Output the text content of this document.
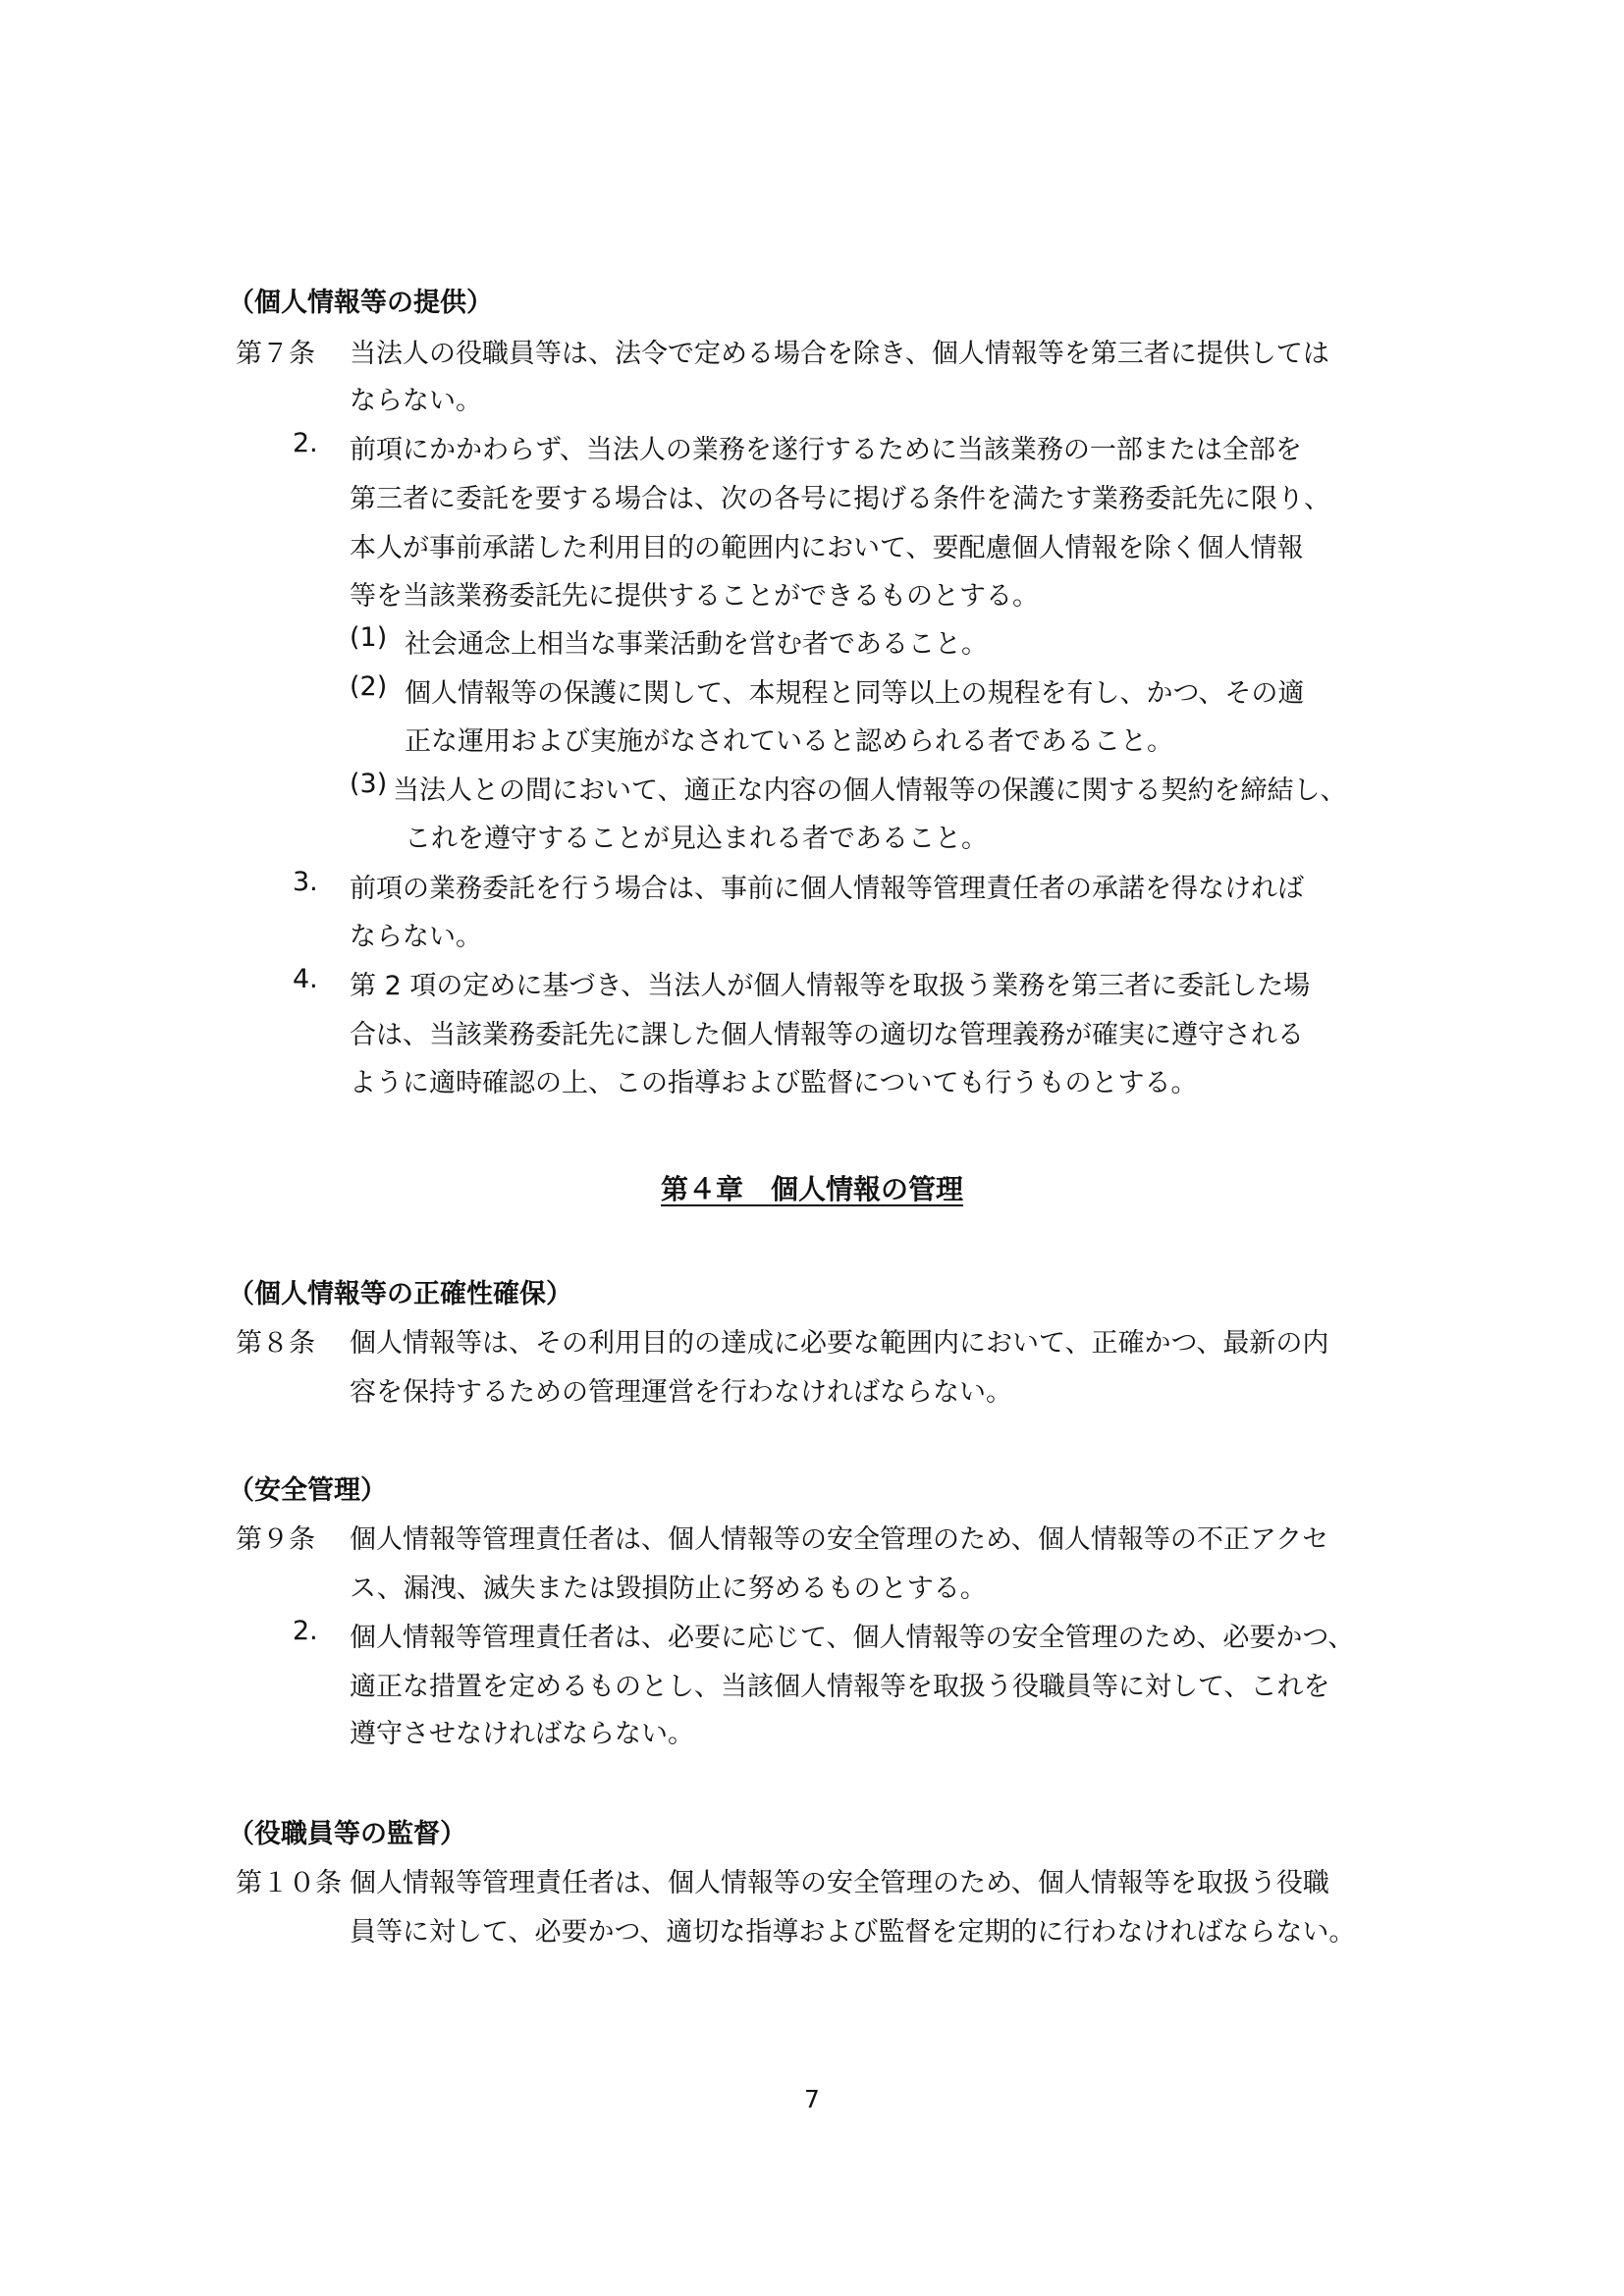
（個人情報等の提供）
第７条 当法人の役職員等は、法令で定める場合を除き、個人情報等を第三者に提供しては
ならない。
2. 前項にかかわらず、当法人の業務を遂行するために当該業務の一部または全部を
第三者に委託を要する場合は、次の各号に掲げる条件を満たす業務委託先に限り、
本人が事前承諾した利用目的の範囲内において、要配慮個人情報を除く個人情報
等を当該業務委託先に提供することができるものとする。
(1) 社会通念上相当な事業活動を営む者であること。
(2) 個人情報等の保護に関して、本規程と同等以上の規程を有し、かつ、その適
正な運用および実施がなされていると認められる者であること。
(3) 当法人との間において、適正な内容の個人情報等の保護に関する契約を締結し、
これを遵守することが見込まれる者であること。
3. 前項の業務委託を行う場合は、事前に個人情報等管理責任者の承諾を得なければ
ならない。
4. 第 2 項の定めに基づき、当法人が個人情報等を取扱う業務を第三者に委託した場
合は、当該業務委託先に課した個人情報等の適切な管理義務が確実に遵守される
ように適時確認の上、この指導および監督についても行うものとする。
第４章　個人情報の管理
（個人情報等の正確性確保）
第８条 個人情報等は、その利用目的の達成に必要な範囲内において、正確かつ、最新の内
容を保持するための管理運営を行わなければならない。
（安全管理）
第９条 個人情報等管理責任者は、個人情報等の安全管理のため、個人情報等の不正アクセ
ス、漏洩、滅失または毀損防止に努めるものとする。
2. 個人情報等管理責任者は、必要に応じて、個人情報等の安全管理のため、必要かつ、
適正な措置を定めるものとし、当該個人情報等を取扱う役職員等に対して、これを
遵守させなければならない。
（役職員等の監督）
第１０条 個人情報等管理責任者は、個人情報等の安全管理のため、個人情報等を取扱う役職
員等に対して、必要かつ、適切な指導および監督を定期的に行わなければならない。
7
